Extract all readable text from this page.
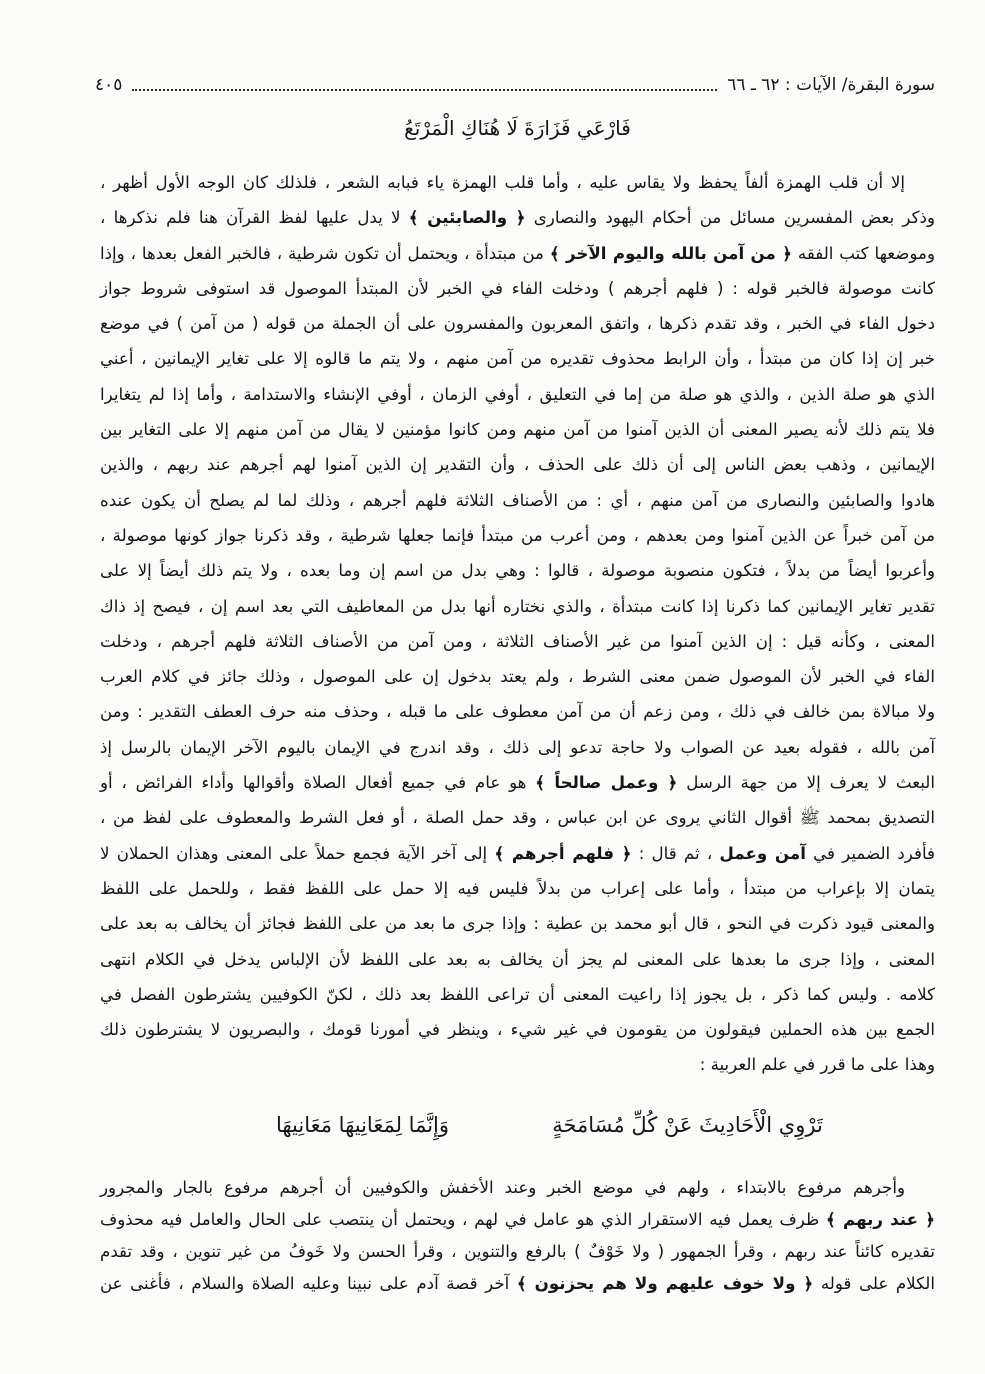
سورة البقرة/ الآيات : ٦٢ ـ ٦٦
٤٠٥
فَارْعَي فَزَارَةَ لَا هُنَاكِ الْمَرْتَعُ
إلا أن قلب الهمزة ألفاً يحفظ ولا يقاس عليه ، وأما قلب الهمزة ياء فبابه الشعر ، فلذلك كان الوجه الأول أظهر ،
وذكر بعض المفسرين مسائل من أحكام اليهود والنصارى ﴿ والصابئين ﴾ لا يدل عليها لفظ القرآن هنا فلم نذكرها ،
وموضعها كتب الفقه ﴿ من آمن بالله واليوم الآخر ﴾ من مبتدأة ، ويحتمل أن تكون شرطية ، فالخبر الفعل بعدها ، وإذا
كانت موصولة فالخبر قوله : ( فلهم أجرهم ) ودخلت الفاء في الخبر لأن المبتدأ الموصول قد استوفى شروط جواز
دخول الفاء في الخبر ، وقد تقدم ذكرها ، واتفق المعربون والمفسرون على أن الجملة من قوله ( من آمن ) في موضع
خبر إن إذا كان من مبتدأ ، وأن الرابط محذوف تقديره من آمن منهم ، ولا يتم ما قالوه إلا على تغاير الإيمانين ، أعني
الذي هو صلة الذين ، والذي هو صلة من إما في التعليق ، أوفي الزمان ، أوفي الإنشاء والاستدامة ، وأما إذا لم يتغايرا
فلا يتم ذلك لأنه يصير المعنى أن الذين آمنوا من آمن منهم ومن كانوا مؤمنين لا يقال من آمن منهم إلا على التغاير بين
الإيمانين ، وذهب بعض الناس إلى أن ذلك على الحذف ، وأن التقدير إن الذين آمنوا لهم أجرهم عند ربهم ، والذين
هادوا والصابئين والنصارى من آمن منهم ، أي : من الأصناف الثلاثة فلهم أجرهم ، وذلك لما لم يصلح أن يكون عنده
من آمن خبراً عن الذين آمنوا ومن بعدهم ، ومن أعرب من مبتدأ فإنما جعلها شرطية ، وقد ذكرنا جواز كونها موصولة ،
وأعربوا أيضاً من بدلاً ، فتكون منصوبة موصولة ، قالوا : وهي بدل من اسم إن وما بعده ، ولا يتم ذلك أيضاً إلا على
تقدير تغاير الإيمانين كما ذكرنا إذا كانت مبتدأة ، والذي نختاره أنها بدل من المعاطيف التي بعد اسم إن ، فيصح إذ ذاك
المعنى ، وكأنه قيل : إن الذين آمنوا من غير الأصناف الثلاثة ، ومن آمن من الأصناف الثلاثة فلهم أجرهم ، ودخلت
الفاء في الخبر لأن الموصول ضمن معنى الشرط ، ولم يعتد بدخول إن على الموصول ، وذلك جائز في كلام العرب
ولا مبالاة بمن خالف في ذلك ، ومن زعم أن من آمن معطوف على ما قبله ، وحذف منه حرف العطف التقدير : ومن
آمن بالله ، فقوله بعيد عن الصواب ولا حاجة تدعو إلى ذلك ، وقد اندرج في الإيمان باليوم الآخر الإيمان بالرسل إذ
البعث لا يعرف إلا من جهة الرسل ﴿ وعمل صالحاً ﴾ هو عام في جميع أفعال الصلاة وأقوالها وأداء الفرائض ، أو
التصديق بمحمد ﷺ أقوال الثاني يروى عن ابن عباس ، وقد حمل الصلة ، أو فعل الشرط والمعطوف على لفظ من ،
فأفرد الضمير في آمن وعمل ، ثم قال : ﴿ فلهم أجرهم ﴾ إلى آخر الآية فجمع حملاً على المعنى وهذان الحملان لا
يتمان إلا بإعراب من مبتدأ ، وأما على إعراب من بدلاً فليس فيه إلا حمل على اللفظ فقط ، وللحمل على اللفظ
والمعنى قيود ذكرت في النحو ، قال أبو محمد بن عطية : وإذا جرى ما بعد من على اللفظ فجائز أن يخالف به بعد على
المعنى ، وإذا جرى ما بعدها على المعنى لم يجز أن يخالف به بعد على اللفظ لأن الإلباس يدخل في الكلام انتهى
كلامه . وليس كما ذكر ، بل يجوز إذا راعيت المعنى أن تراعى اللفظ بعد ذلك ، لكنّ الكوفيين يشترطون الفصل في
الجمع بين هذه الحملين فيقولون من يقومون في غير شيء ، وينظر في أمورنا قومك ، والبصريون لا يشترطون ذلك
وهذا على ما قرر في علم العربية :
تَرْوِي الْأَحَادِيثَ عَنْ كُلِّ مُسَامَحَةٍ
وَإِنَّمَا لِمَعَانِيهَا مَعَانِيهَا
وأجرهم مرفوع بالابتداء ، ولهم في موضع الخبر وعند الأخفش والكوفيين أن أجرهم مرفوع بالجار والمجرور
﴿ عند ربهم ﴾ ظرف يعمل فيه الاستقرار الذي هو عامل في لهم ، ويحتمل أن ينتصب على الحال والعامل فيه محذوف
تقديره كائناً عند ربهم ، وقرأ الجمهور ( ولا خَوْفٌ ) بالرفع والتنوين ، وقرأ الحسن ولا خَوفُ من غير تنوين ، وقد تقدم
الكلام على قوله ﴿ ولا خوف عليهم ولا هم يحزنون ﴾ آخر قصة آدم على نبينا وعليه الصلاة والسلام ، فأغنى عن
